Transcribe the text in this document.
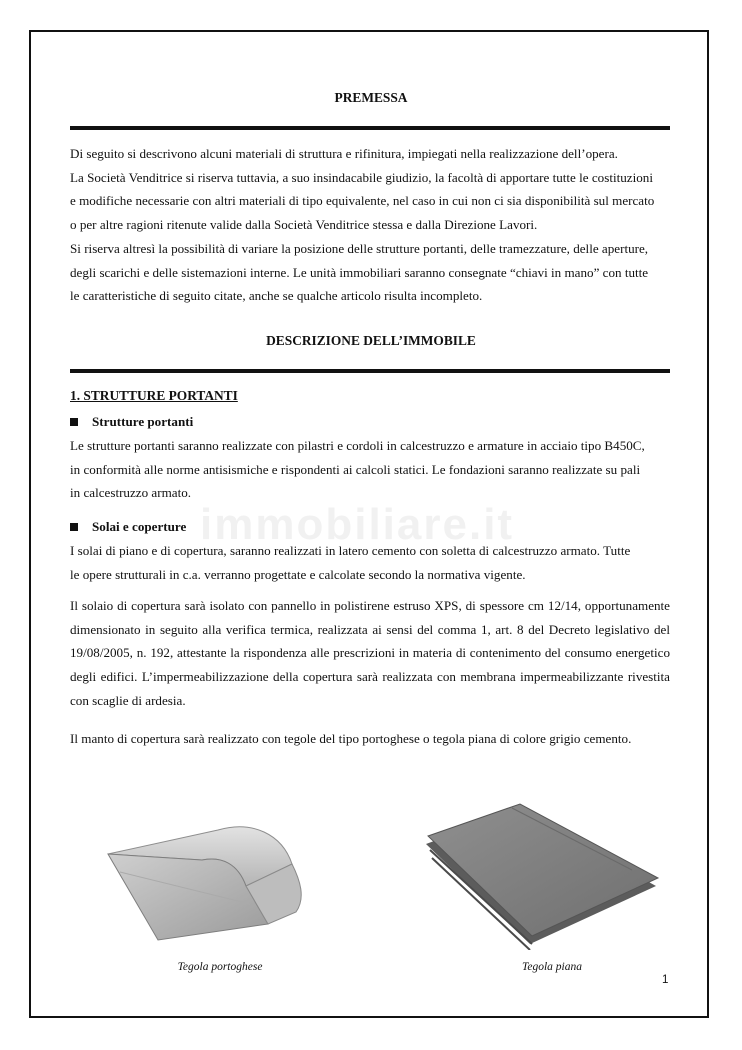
immobiliare.it
PREMESSA
Di seguito si descrivono alcuni materiali di struttura e rifinitura, impiegati nella realizzazione dell’opera.
La Società Venditrice si riserva tuttavia, a suo insindacabile giudizio, la facoltà di apportare tutte le costituzioni
e modifiche necessarie con altri materiali di tipo equivalente, nel caso in cui non ci sia disponibilità sul mercato
o per altre ragioni ritenute valide dalla Società Venditrice stessa e dalla Direzione Lavori.
Si riserva altresì la possibilità di variare la posizione delle strutture portanti, delle tramezzature, delle aperture,
degli scarichi e delle sistemazioni interne. Le unità immobiliari saranno consegnate “chiavi in mano” con tutte
le caratteristiche di seguito citate, anche se qualche articolo risulta incompleto.
DESCRIZIONE DELL’IMMOBILE
1. STRUTTURE PORTANTI
Strutture portanti
Le strutture portanti saranno realizzate con pilastri e cordoli in calcestruzzo e armature in acciaio tipo B450C,
in conformità alle norme antisismiche e rispondenti ai calcoli statici. Le fondazioni saranno realizzate su pali
in calcestruzzo armato.
Solai e coperture
I solai di piano e di copertura, saranno realizzati in latero cemento con soletta di calcestruzzo armato. Tutte
le opere strutturali in c.a. verranno progettate e calcolate secondo la normativa vigente.

Il solaio di copertura sarà isolato con pannello in polistirene estruso XPS, di spessore cm 12/14, opportunamente dimensionato in seguito alla verifica termica, realizzata ai sensi del comma 1, art. 8 del Decreto legislativo del 19/08/2005, n. 192, attestante la rispondenza alle prescrizioni in materia di contenimento del consumo energetico degli edifici. L’impermeabilizzazione della copertura sarà realizzata con membrana impermeabilizzante rivestita con scaglie di ardesia.

Il manto di copertura sarà realizzato con tegole del tipo portoghese o tegola piana di colore grigio cemento.

Tegola portoghese	Tegola piana
1
